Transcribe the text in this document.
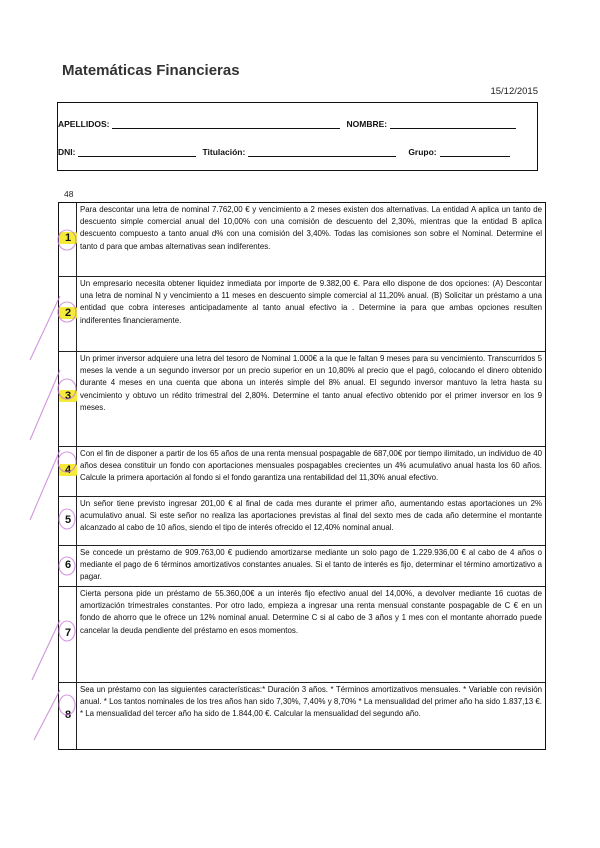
Matemáticas Financieras
15/12/2015
APELLIDOS:	NOMBRE:
DNI:	Titulación:	Grupo:
48
1
Para descontar una letra de nominal 7.762,00 € y vencimiento a 2 meses existen dos alternativas. La entidad A aplica un tanto de descuento simple comercial anual del 10,00% con una comisión de descuento del 2,30%, mientras que la entidad B aplica descuento compuesto a tanto anual d% con una comisión del 3,40%. Todas las comisiones son sobre el Nominal. Determine el tanto d para que ambas alternativas sean indiferentes.
2
Un empresario necesita obtener liquidez inmediata por importe de 9.382,00 €. Para ello dispone de dos opciones: (A) Descontar una letra de nominal N y vencimiento a 11 meses en descuento simple comercial al 11,20% anual. (B) Solicitar un préstamo a una entidad que cobra intereses anticipadamente al tanto anual efectivo ia . Determine ia para que ambas opciones resulten indiferentes financieramente.
3
Un primer inversor adquiere una letra del tesoro de Nominal 1.000€ a la que le faltan 9 meses para su vencimiento. Transcurridos 5 meses la vende a un segundo inversor por un precio superior en un 10,80% al precio que el pagó, colocando el dinero obtenido durante 4 meses en una cuenta que abona un interés simple del 8% anual. El segundo inversor mantuvo la letra hasta su vencimiento y obtuvo un rédito trimestral del 2,80%. Determine el tanto anual efectivo obtenido por el primer inversor en los 9 meses.
4
Con el fin de disponer a partir de los 65 años de una renta mensual pospagable de 687,00€ por tiempo ilimitado, un individuo de 40 años desea constituir un fondo con aportaciones mensuales pospagables crecientes un 4% acumulativo anual hasta los 60 años. Calcule la primera aportación al fondo si el fondo garantiza una rentabilidad del 11,30% anual efectivo.
5
Un señor tiene previsto ingresar 201,00 € al final de cada mes durante el primer año, aumentando estas aportaciones un 2% acumulativo anual. Si este señor no realiza las aportaciones previstas al final del sexto mes de cada año determine el montante alcanzado al cabo de 10 años, siendo el tipo de interés ofrecido el 12,40% nominal anual.
6
Se concede un préstamo de 909.763,00 € pudiendo amortizarse mediante un solo pago de 1.229.936,00 € al cabo de 4 años o mediante el pago de 6 términos amortizativos constantes anuales. Si el tanto de interés es fijo, determinar el término amortizativo a pagar.
7
Cierta persona pide un préstamo de 55.360,00€ a un interés fijo efectivo anual del 14,00%, a devolver mediante 16 cuotas de amortización trimestrales constantes. Por otro lado, empieza a ingresar una renta mensual constante pospagable de C € en un fondo de ahorro que le ofrece un 12% nominal anual. Determine C si al cabo de 3 años y 1 mes con el montante ahorrado puede cancelar la deuda pendiente del préstamo en esos momentos.
8
Sea un préstamo con las siguientes características:* Duración 3 años. * Términos amortizativos mensuales. * Variable con revisión anual. * Los tantos nominales de los tres años han sido 7,30%, 7,40% y 8,70% * La mensualidad del primer año ha sido 1.837,13 €. * La mensualidad del tercer año ha sido de 1.844,00 €. Calcular la mensualidad del segundo año.
